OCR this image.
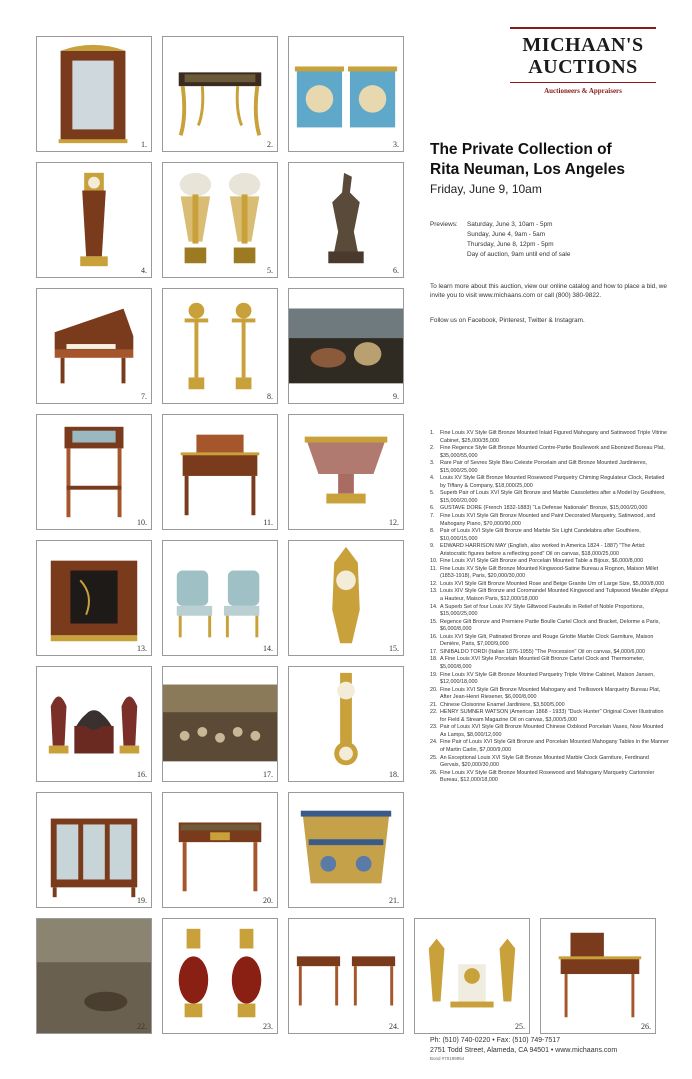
MICHAAN'S
AUCTIONS
Auctioneers & Appraisers
The Private Collection of
Rita Neuman, Los Angeles
Friday, June 9, 10am
Previews:	Saturday, June 3, 10am - 5pm
Sunday, June 4, 9am - 5am
Thursday, June 8, 12pm - 5pm
Day of auction, 9am until end of sale
To learn more about this auction, view our online catalog and how to place a bid, we invite you to visit www.michaans.com or call (800) 380-9822.
Follow us on Facebook, Pinterest, Twitter & Instagram.
1.	Fine Louis XV Style Gilt Bronze Mounted Inlaid Figured Mahogany and Satinwood Triple Vitrine Cabinet, $25,000/35,000
2.	Fine Regence Style Gilt Bronze Mounted Contre-Partie Boullework and Ebonized Bureau Plat, $35,000/55,000
3.	Rare Pair of Sevres Style Bleu Celeste Porcelain and Gilt Bronze Mounted Jardinieres, $15,000/25,000
4.	Louis XV Style Gilt Bronze Mounted Rosewood Parquetry Chiming Regulateur Clock, Retailed by Tiffany & Company, $18,000/25,000
5.	Superb Pair of Louis XVI Style Gilt Bronze and Marble Cassolettes after a Model by Gouthiere, $15,000/20,000
6.	GUSTAVE DORE (French 1832-1883) "La Defense Nationale" Bronze, $15,000/20,000
7.	Fine Louis XVI Style Gilt Bronze Mounted and Paint Decorated Marquetry, Satinwood, and Mahogany Piano, $70,000/90,000
8.	Pair of Louis XVI Style Gilt Bronze and Marble Six Light Candelabra after Gouthiere, $10,000/15,000
9.	EDWARD HARRISON MAY (English, also worked in America 1824 - 1887) "The Artist: Aristocratic figures before a reflecting pond" Oil on canvas, $18,000/25,000
10. Fine Louis XVI Style Gilt Bronze and Porcelain Mounted Table a Bijoux, $6,000/8,000
11. Fine Louis XV Style Gilt Bronze Mounted Kingwood-Satine Bureau a Rognon, Maison Millet (1853-1918), Paris, $20,000/30,000
12. Louis XVI Style Gilt Bronze Mounted Rose and Beige Granite Urn of Large Size, $5,000/8,000
13. Louis XIV Style Gilt Bronze and Coromandel Mounted Kingwood and Tulipwood Meuble d'Appui a Hauteur, Maison Paris, $12,000/18,000
14. A Superb Set of four Louis XV Style Giltwood Fauteuils in Relief of Noble Proportions, $15,000/25,000
15. Regence Gilt Bronze and Premiere Partie Boulle Cartel Clock and Bracket, Delorme a Paris, $6,000/8,000
16. Louis XVI Style Gilt, Patinated Bronze and Rouge Griotte Marble Clock Garniture, Maison Denière, Paris, $7,000/9,000
17. SINIBALDO TORDI (Italian 1876-1955) "The Procession" Oil on canvas, $4,000/6,000
18. A Fine Louis XVI Style Porcelain Mounted Gilt Bronze Cartel Clock and Thermometer, $5,000/8,000
19. Fine Louis XV Style Gilt Bronze Mounted Parquetry Triple Vitrine Cabinet, Maison Jansen, $12,000/18,000
20. Fine Louis XVI Style Gilt Bronze Mounted Mahogany and Trelliswork Marquetry Bureau Plat, After Jean-Henri Riesener, $6,000/8,000
21. Chinese Cloisonne Enamel Jardiniere, $3,500/5,000
22. HENRY SUMNER WATSON (American 1868 - 1933) "Duck Hunter" Original Cover Illustration for Field & Stream Magazine Oil on canvas, $3,000/5,000
23. Pair of Louis XVI Style Gilt Bronze Mounted Chinese Oxblood Porcelain Vases, Now Mounted As Lamps, $8,000/12,000
24. Fine Pair of Louis XVI Style Gilt Bronze and Porcelain Mounted Mahogany Tables in the Manner of Martin Carlin, $7,000/9,000
25. An Exceptional Louis XVI Style Gilt Bronze Mounted Marble Clock Garniture, Ferdinand Gervais, $20,000/30,000
26. Fine Louis XV Style Gilt Bronze Mounted Rosewood and Mahogany Marquetry Cartonnier Bureau, $12,000/18,000
Ph: (510) 740-0220 • Fax: (510) 749-7517
2751 Todd Street, Alameda, CA 94501 • www.michaans.com
Bond #70199954
1.	2.	3.
4.	5.	6.
7.	8.	9.
10.	11.	12.
13.	14.	15.
16.	17.	18.
19.	20.	21.
22.	23.	24.	25.	26.
